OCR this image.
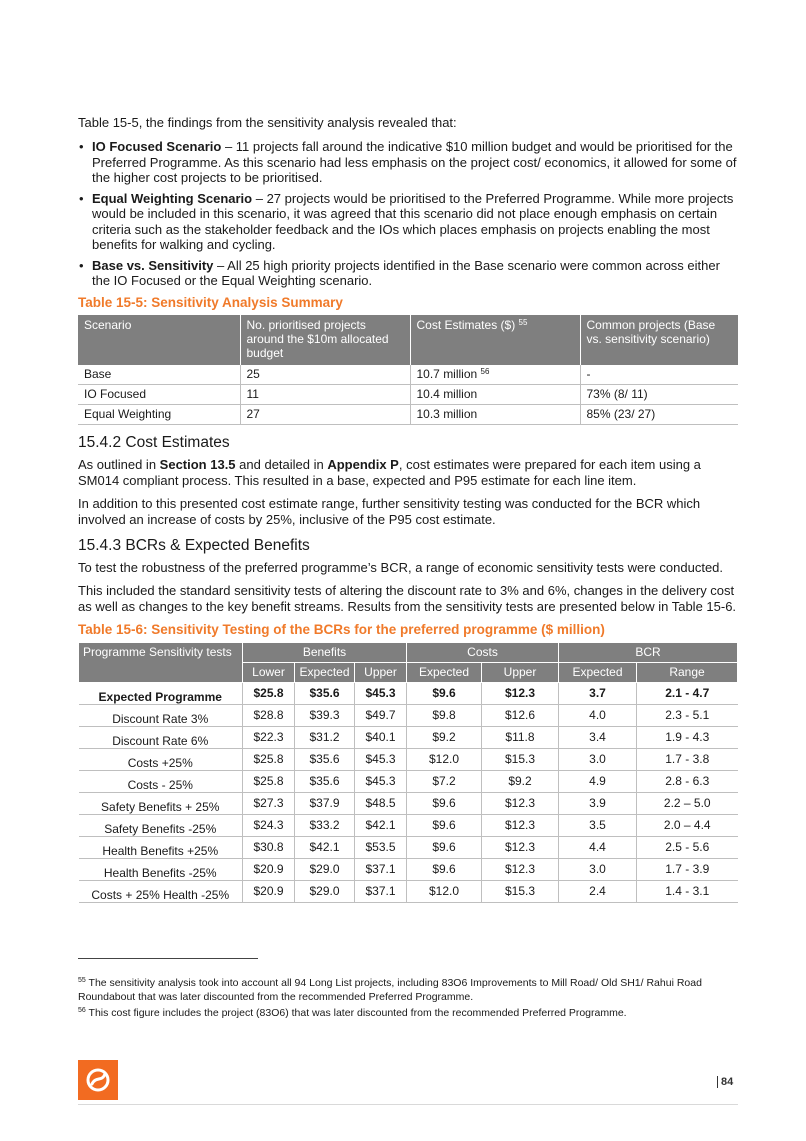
Table 15-5, the findings from the sensitivity analysis revealed that:

• IO Focused Scenario – 11 projects fall around the indicative $10 million budget and would be prioritised for the Preferred Programme. As this scenario had less emphasis on the project cost/ economics, it allowed for some of the higher cost projects to be prioritised.
• Equal Weighting Scenario – 27 projects would be prioritised to the Preferred Programme. While more projects would be included in this scenario, it was agreed that this scenario did not place enough emphasis on certain criteria such as the stakeholder feedback and the IOs which places emphasis on projects enabling the most benefits for walking and cycling.
• Base vs. Sensitivity – All 25 high priority projects identified in the Base scenario were common across either the IO Focused or the Equal Weighting scenario.
Table 15-5: Sensitivity Analysis Summary
Scenario	No. prioritised projects around the $10m allocated budget	Cost Estimates ($) $^{55}$	Common projects (Base vs. sensitivity scenario)
Base	25	10.7 million $^{56}$	-
IO Focused	11	10.4 million	73% (8/ 11)
Equal Weighting	27	10.3 million	85% (23/ 27)
15.4.2 Cost Estimates

As outlined in Section 13.5 and detailed in Appendix P, cost estimates were prepared for each item using a SM014 compliant process. This resulted in a base, expected and P95 estimate for each line item.

In addition to this presented cost estimate range, further sensitivity testing was conducted for the BCR which involved an increase of costs by 25%, inclusive of the P95 cost estimate.

15.4.3 BCRs & Expected Benefits

To test the robustness of the preferred programme’s BCR, a range of economic sensitivity tests were conducted.

This included the standard sensitivity tests of altering the discount rate to 3% and 6%, changes in the delivery cost as well as changes to the key benefit streams. Results from the sensitivity tests are presented below in Table 15-6.

Table 15-6: Sensitivity Testing of the BCRs for the preferred programme ($ million)
Programme Sensitivity tests	Benefits			Costs		BCR	
	Lower	Expected	Upper	Expected	Upper	Expected	Range
Expected Programme	$25.8	$35.6	$45.3	$9.6	$12.3	3.7	2.1 - 4.7
Discount Rate 3%	$28.8	$39.3	$49.7	$9.8	$12.6	4.0	2.3 - 5.1
Discount Rate 6%	$22.3	$31.2	$40.1	$9.2	$11.8	3.4	1.9 - 4.3
Costs +25%	$25.8	$35.6	$45.3	$12.0	$15.3	3.0	1.7 - 3.8
Costs - 25%	$25.8	$35.6	$45.3	$7.2	$9.2	4.9	2.8 - 6.3
Safety Benefits + 25%	$27.3	$37.9	$48.5	$9.6	$12.3	3.9	2.2 – 5.0
Safety Benefits -25%	$24.3	$33.2	$42.1	$9.6	$12.3	3.5	2.0 – 4.4
Health Benefits +25%	$30.8	$42.1	$53.5	$9.6	$12.3	4.4	2.5 - 5.6
Health Benefits -25%	$20.9	$29.0	$37.1	$9.6	$12.3	3.0	1.7 - 3.9
Costs + 25% Health -25%	$20.9	$29.0	$37.1	$12.0	$15.3	2.4	1.4 - 3.1

$^{55}$ The sensitivity analysis took into account all 94 Long List projects, including 83O6 Improvements to Mill Road/ Old SH1/ Rahui Road Roundabout that was later discounted from the recommended Preferred Programme.

$^{56}$ This cost figure includes the project (83O6) that was later discounted from the recommended Preferred Programme.

84
